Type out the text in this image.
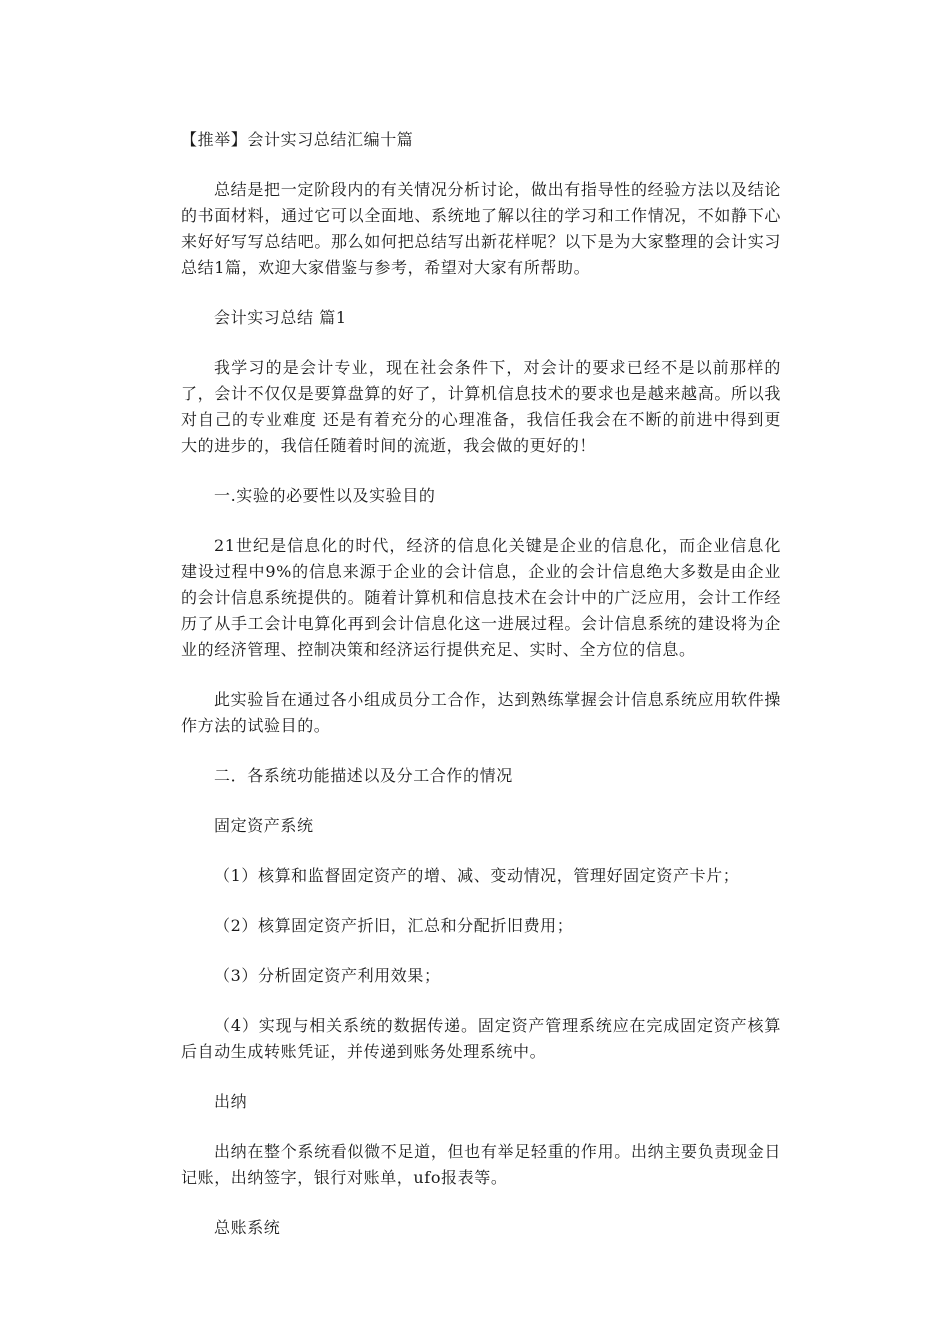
【推举】会计实习总结汇编十篇

总结是把一定阶段内的有关情况分析讨论，做出有指导性的经验方法以及结论的书面材料，通过它可以全面地、系统地了解以往的学习和工作情况，不如静下心来好好写写总结吧。那么如何把总结写出新花样呢？以下是为大家整理的会计实习总结1篇，欢迎大家借鉴与参考，希望对大家有所帮助。

会计实习总结 篇1

我学习的是会计专业，现在社会条件下，对会计的要求已经不是以前那样的了，会计不仅仅是要算盘算的好了，计算机信息技术的要求也是越来越高。所以我对自己的专业难度 还是有着充分的心理准备，我信任我会在不断的前进中得到更大的进步的，我信任随着时间的流逝，我会做的更好的！

一.实验的必要性以及实验目的

21世纪是信息化的时代，经济的信息化关键是企业的信息化，而企业信息化建设过程中9%的信息来源于企业的会计信息，企业的会计信息绝大多数是由企业的会计信息系统提供的。随着计算机和信息技术在会计中的广泛应用，会计工作经历了从手工会计电算化再到会计信息化这一进展过程。会计信息系统的建设将为企业的经济管理、控制决策和经济运行提供充足、实时、全方位的信息。

此实验旨在通过各小组成员分工合作，达到熟练掌握会计信息系统应用软件操作方法的试验目的。

二．各系统功能描述以及分工合作的情况

固定资产系统

（1）核算和监督固定资产的增、减、变动情况，管理好固定资产卡片；

（2）核算固定资产折旧，汇总和分配折旧费用；

（3）分析固定资产利用效果；

（4）实现与相关系统的数据传递。固定资产管理系统应在完成固定资产核算后自动生成转账凭证，并传递到账务处理系统中。

出纳

出纳在整个系统看似微不足道，但也有举足轻重的作用。出纳主要负责现金日记账，出纳签字，银行对账单，ufo报表等。

总账系统
